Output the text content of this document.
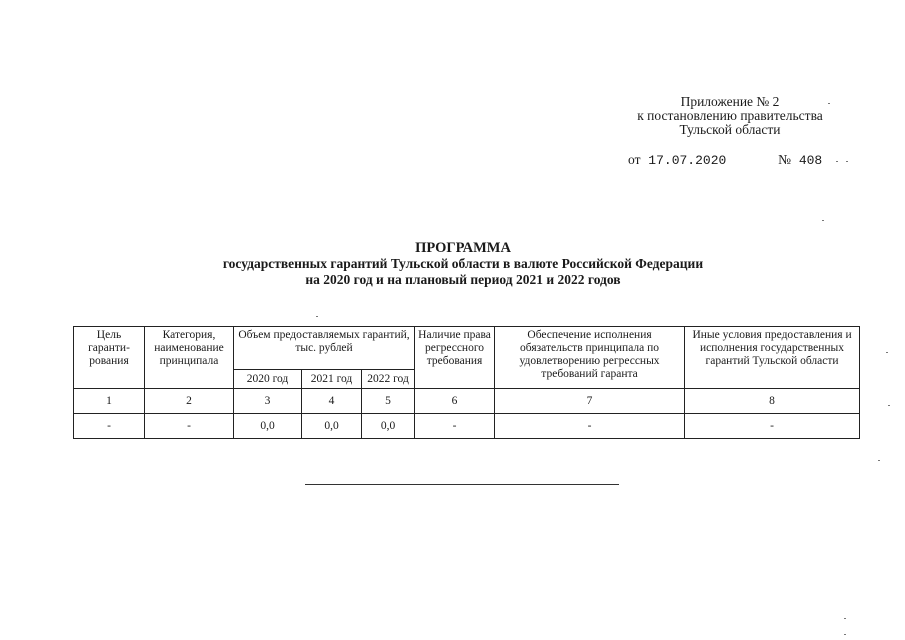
Приложение № 2
к постановлению правительства
Тульской области
от 17.07.2020	№ 408
ПРОГРАММА
государственных гарантий Тульской области в валюте Российской Федерации
на 2020 год и на плановый период 2021 и 2022 годов
Цель гаранти-рования	Категория, наименование принципала	Объем предоставляемых гарантий, тыс. рублей			Наличие права регрессного требования	Обеспечение исполнения обязательств принципала по удовлетворению регрессных требований гаранта	Иные условия предоставления и исполнения государственных гарантий Тульской области
		2020 год	2021 год	2022 год			
1	2	3	4	5	6	7	8
-	-	0,0	0,0	0,0	-	-	-
